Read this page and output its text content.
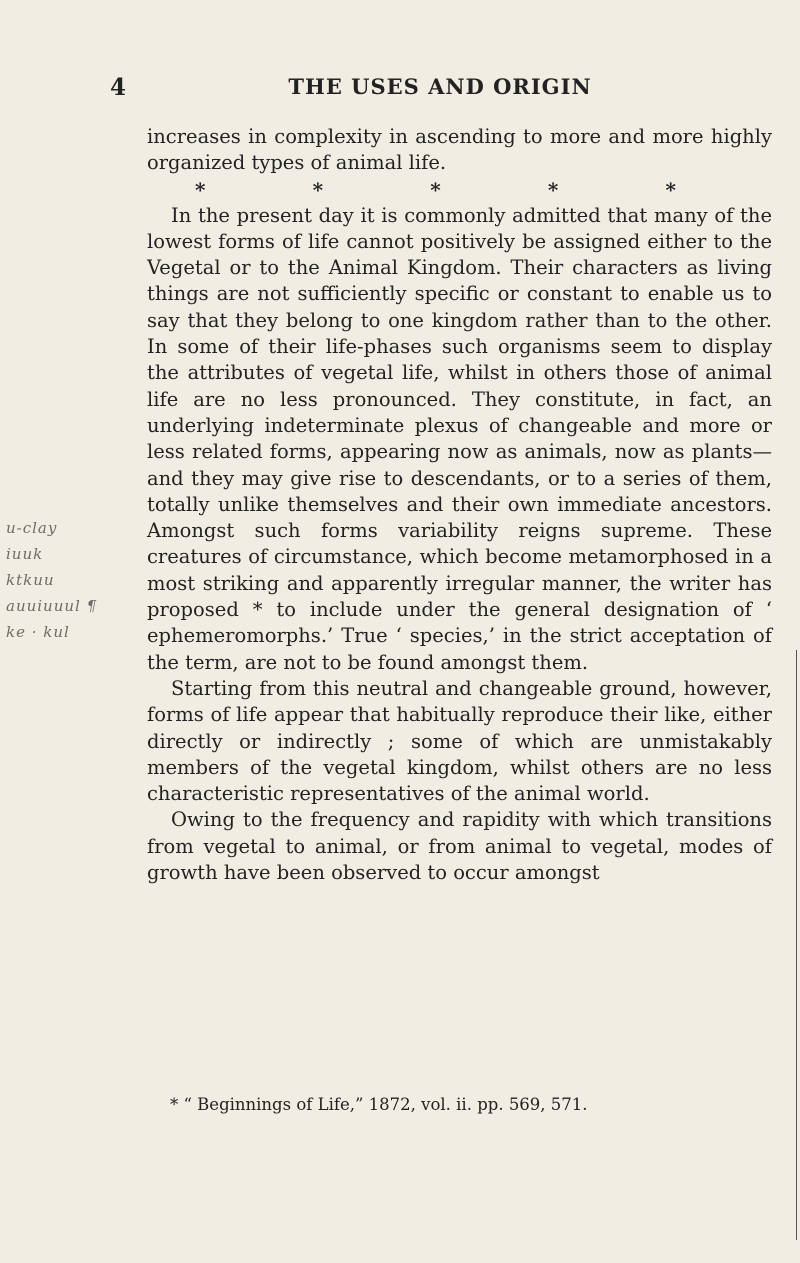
4	THE USES AND ORIGIN
u-clay
iuuk
ktkuu
auuiuuul ¶
ke · kul

increases in complexity in ascending to more and more highly organized types of animal life.

*	*	*	*	*

In the present day it is commonly admitted that many of the lowest forms of life cannot positively be assigned either to the Vegetal or to the Animal Kingdom. Their characters as living things are not sufficiently specific or constant to enable us to say that they belong to one kingdom rather than to the other. In some of their life-phases such organisms seem to display the attributes of vegetal life, whilst in others those of animal life are no less pronounced. They constitute, in fact, an underlying indeterminate plexus of changeable and more or less related forms, appearing now as animals, now as plants—and they may give rise to descendants, or to a series of them, totally unlike themselves and their own immediate ancestors. Amongst such forms variability reigns supreme. These creatures of circumstance, which become metamorphosed in a most striking and apparently irregular manner, the writer has proposed * to include under the general designation of ‘ ephemeromorphs.’ True ‘ species,’ in the strict acceptation of the term, are not to be found amongst them.

Starting from this neutral and changeable ground, however, forms of life appear that habitually reproduce their like, either directly or indirectly ; some of which are unmistakably members of the vegetal kingdom, whilst others are no less characteristic representatives of the animal world.

Owing to the frequency and rapidity with which transitions from vegetal to animal, or from animal to vegetal, modes of growth have been observed to occur amongst

* “ Beginnings of Life,” 1872, vol. ii. pp. 569, 571.
